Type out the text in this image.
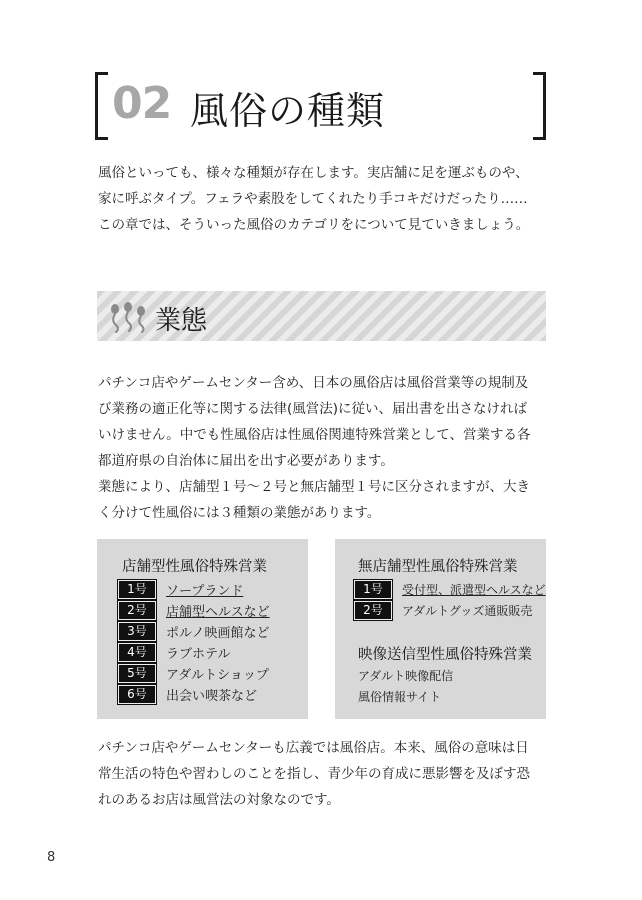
02 風俗の種類
風俗といっても、様々な種類が存在します。実店舗に足を運ぶものや、
家に呼ぶタイプ。フェラや素股をしてくれたり手コキだけだったり……
この章では、そういった風俗のカテゴリをについて見ていきましょう。
業態
パチンコ店やゲームセンター含め、日本の風俗店は風俗営業等の規制及
び業務の適正化等に関する法律(風営法)に従い、届出書を出さなければ
いけません。中でも性風俗店は性風俗関連特殊営業として、営業する各
都道府県の自治体に届出を出す必要があります。
業態により、店舗型１号〜２号と無店舗型１号に区分されますが、大き
く分けて性風俗には３種類の業態があります。
店舗型性風俗特殊営業
1号	ソープランド
2号	店舗型ヘルスなど
3号	ポルノ映画館など
4号	ラブホテル
5号	アダルトショップ
6号	出会い喫茶など
無店舗型性風俗特殊営業
1号	受付型、派遣型ヘルスなど
2号	アダルトグッズ通販販売
映像送信型性風俗特殊営業
アダルト映像配信
風俗情報サイト
パチンコ店やゲームセンターも広義では風俗店。本来、風俗の意味は日
常生活の特色や習わしのことを指し、青少年の育成に悪影響を及ぼす恐
れのあるお店は風営法の対象なのです。
8
